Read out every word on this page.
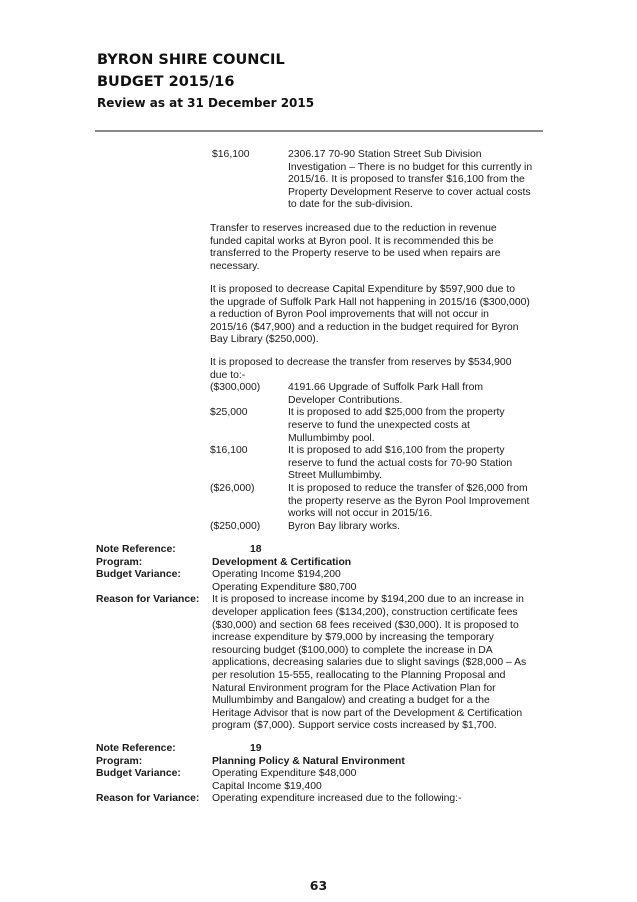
BYRON SHIRE COUNCIL
BUDGET 2015/16
Review as at 31 December 2015
$16,100	2306.17 70-90 Station Street Sub Division
Investigation – There is no budget for this currently in
2015/16. It is proposed to transfer $16,100 from the
Property Development Reserve to cover actual costs
to date for the sub-division.
Transfer to reserves increased due to the reduction in revenue
funded capital works at Byron pool. It is recommended this be
transferred to the Property reserve to be used when repairs are
necessary.
It is proposed to decrease Capital Expenditure by $597,900 due to
the upgrade of Suffolk Park Hall not happening in 2015/16 ($300,000)
a reduction of Byron Pool improvements that will not occur in
2015/16 ($47,900) and a reduction in the budget required for Byron
Bay Library ($250,000).
It is proposed to decrease the transfer from reserves by $534,900
due to:-
($300,000)	4191.66 Upgrade of Suffolk Park Hall from
Developer Contributions.
$25,000	It is proposed to add $25,000 from the property
reserve to fund the unexpected costs at
Mullumbimby pool.
$16,100	It is proposed to add $16,100 from the property
reserve to fund the actual costs for 70-90 Station
Street Mullumbimby.
($26,000)	It is proposed to reduce the transfer of $26,000 from
the property reserve as the Byron Pool Improvement
works will not occur in 2015/16.
($250,000)	Byron Bay library works.
Note Reference:	18
Program:	Development & Certification
Budget Variance:	Operating Income $194,200
Operating Expenditure $80,700
Reason for Variance: It is proposed to increase income by $194,200 due to an increase in
developer application fees ($134,200), construction certificate fees
($30,000) and section 68 fees received ($30,000). It is proposed to
increase expenditure by $79,000 by increasing the temporary
resourcing budget ($100,000) to complete the increase in DA
applications, decreasing salaries due to slight savings ($28,000 – As
per resolution 15-555, reallocating to the Planning Proposal and
Natural Environment program for the Place Activation Plan for
Mullumbimby and Bangalow) and creating a budget for a the
Heritage Advisor that is now part of the Development & Certification
program ($7,000). Support service costs increased by $1,700.
Note Reference:	19
Program:	Planning Policy & Natural Environment
Budget Variance:	Operating Expenditure $48,000
Capital Income $19,400
Reason for Variance: Operating expenditure increased due to the following:-
63
